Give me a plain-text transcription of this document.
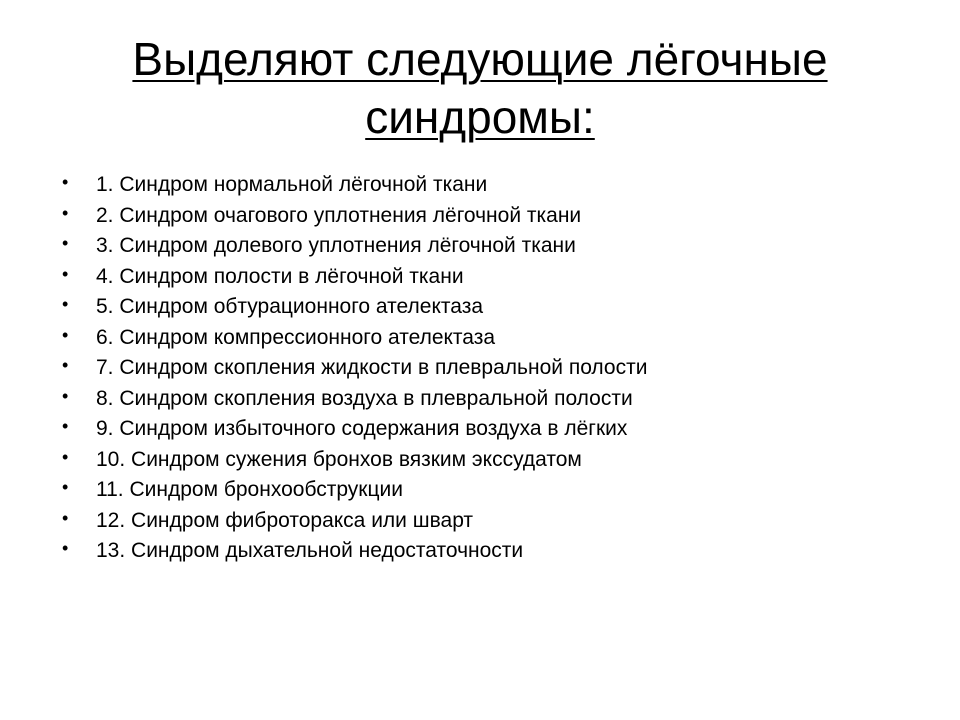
Выделяют следующие лёгочные
синдромы:
• 1. Синдром нормальной лёгочной ткани
• 2. Синдром очагового уплотнения лёгочной ткани
• 3. Синдром долевого уплотнения лёгочной ткани
• 4. Синдром полости в лёгочной ткани
• 5. Синдром обтурационного ателектаза
• 6. Синдром компрессионного ателектаза
• 7. Синдром скопления жидкости в плевральной полости
• 8. Синдром скопления воздуха в плевральной полости
• 9. Синдром избыточного содержания воздуха в лёгких
• 10. Синдром сужения бронхов вязким экссудатом
• 11. Синдром бронхообструкции
• 12. Синдром фиброторакса или шварт
• 13. Синдром дыхательной недостаточности
